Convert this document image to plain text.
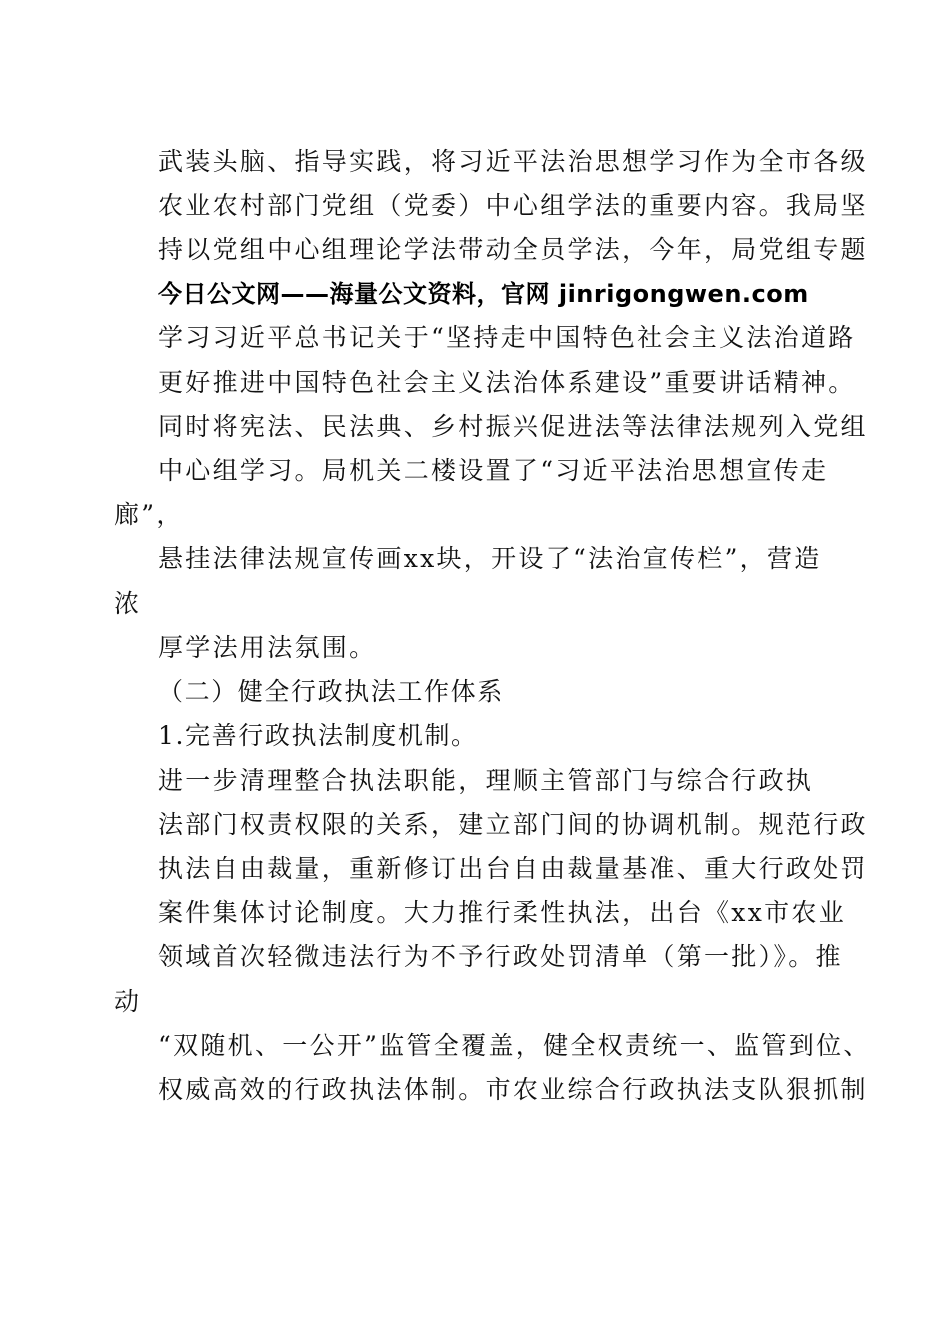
武装头脑、指导实践，将习近平法治思想学习作为全市各级
农业农村部门党组（党委）中心组学法的重要内容。我局坚
持以党组中心组理论学法带动全员学法，今年，局党组专题
今日公文网——海量公文资料，官网 jinrigongwen.com
学习习近平总书记关于“坚持走中国特色社会主义法治道路
更好推进中国特色社会主义法治体系建设”重要讲话精神。
同时将宪法、民法典、乡村振兴促进法等法律法规列入党组
中心组学习。局机关二楼设置了“习近平法治思想宣传走
廊”，
悬挂法律法规宣传画xx块，开设了“法治宣传栏”，营造
浓
厚学法用法氛围。
（二）健全行政执法工作体系
1.完善行政执法制度机制。
进一步清理整合执法职能，理顺主管部门与综合行政执
法部门权责权限的关系，建立部门间的协调机制。规范行政
执法自由裁量，重新修订出台自由裁量基准、重大行政处罚
案件集体讨论制度。大力推行柔性执法，出台《xx市农业
领域首次轻微违法行为不予行政处罚清单（第一批）》。推
动
“双随机、一公开”监管全覆盖，健全权责统一、监管到位、
权威高效的行政执法体制。市农业综合行政执法支队狠抓制
